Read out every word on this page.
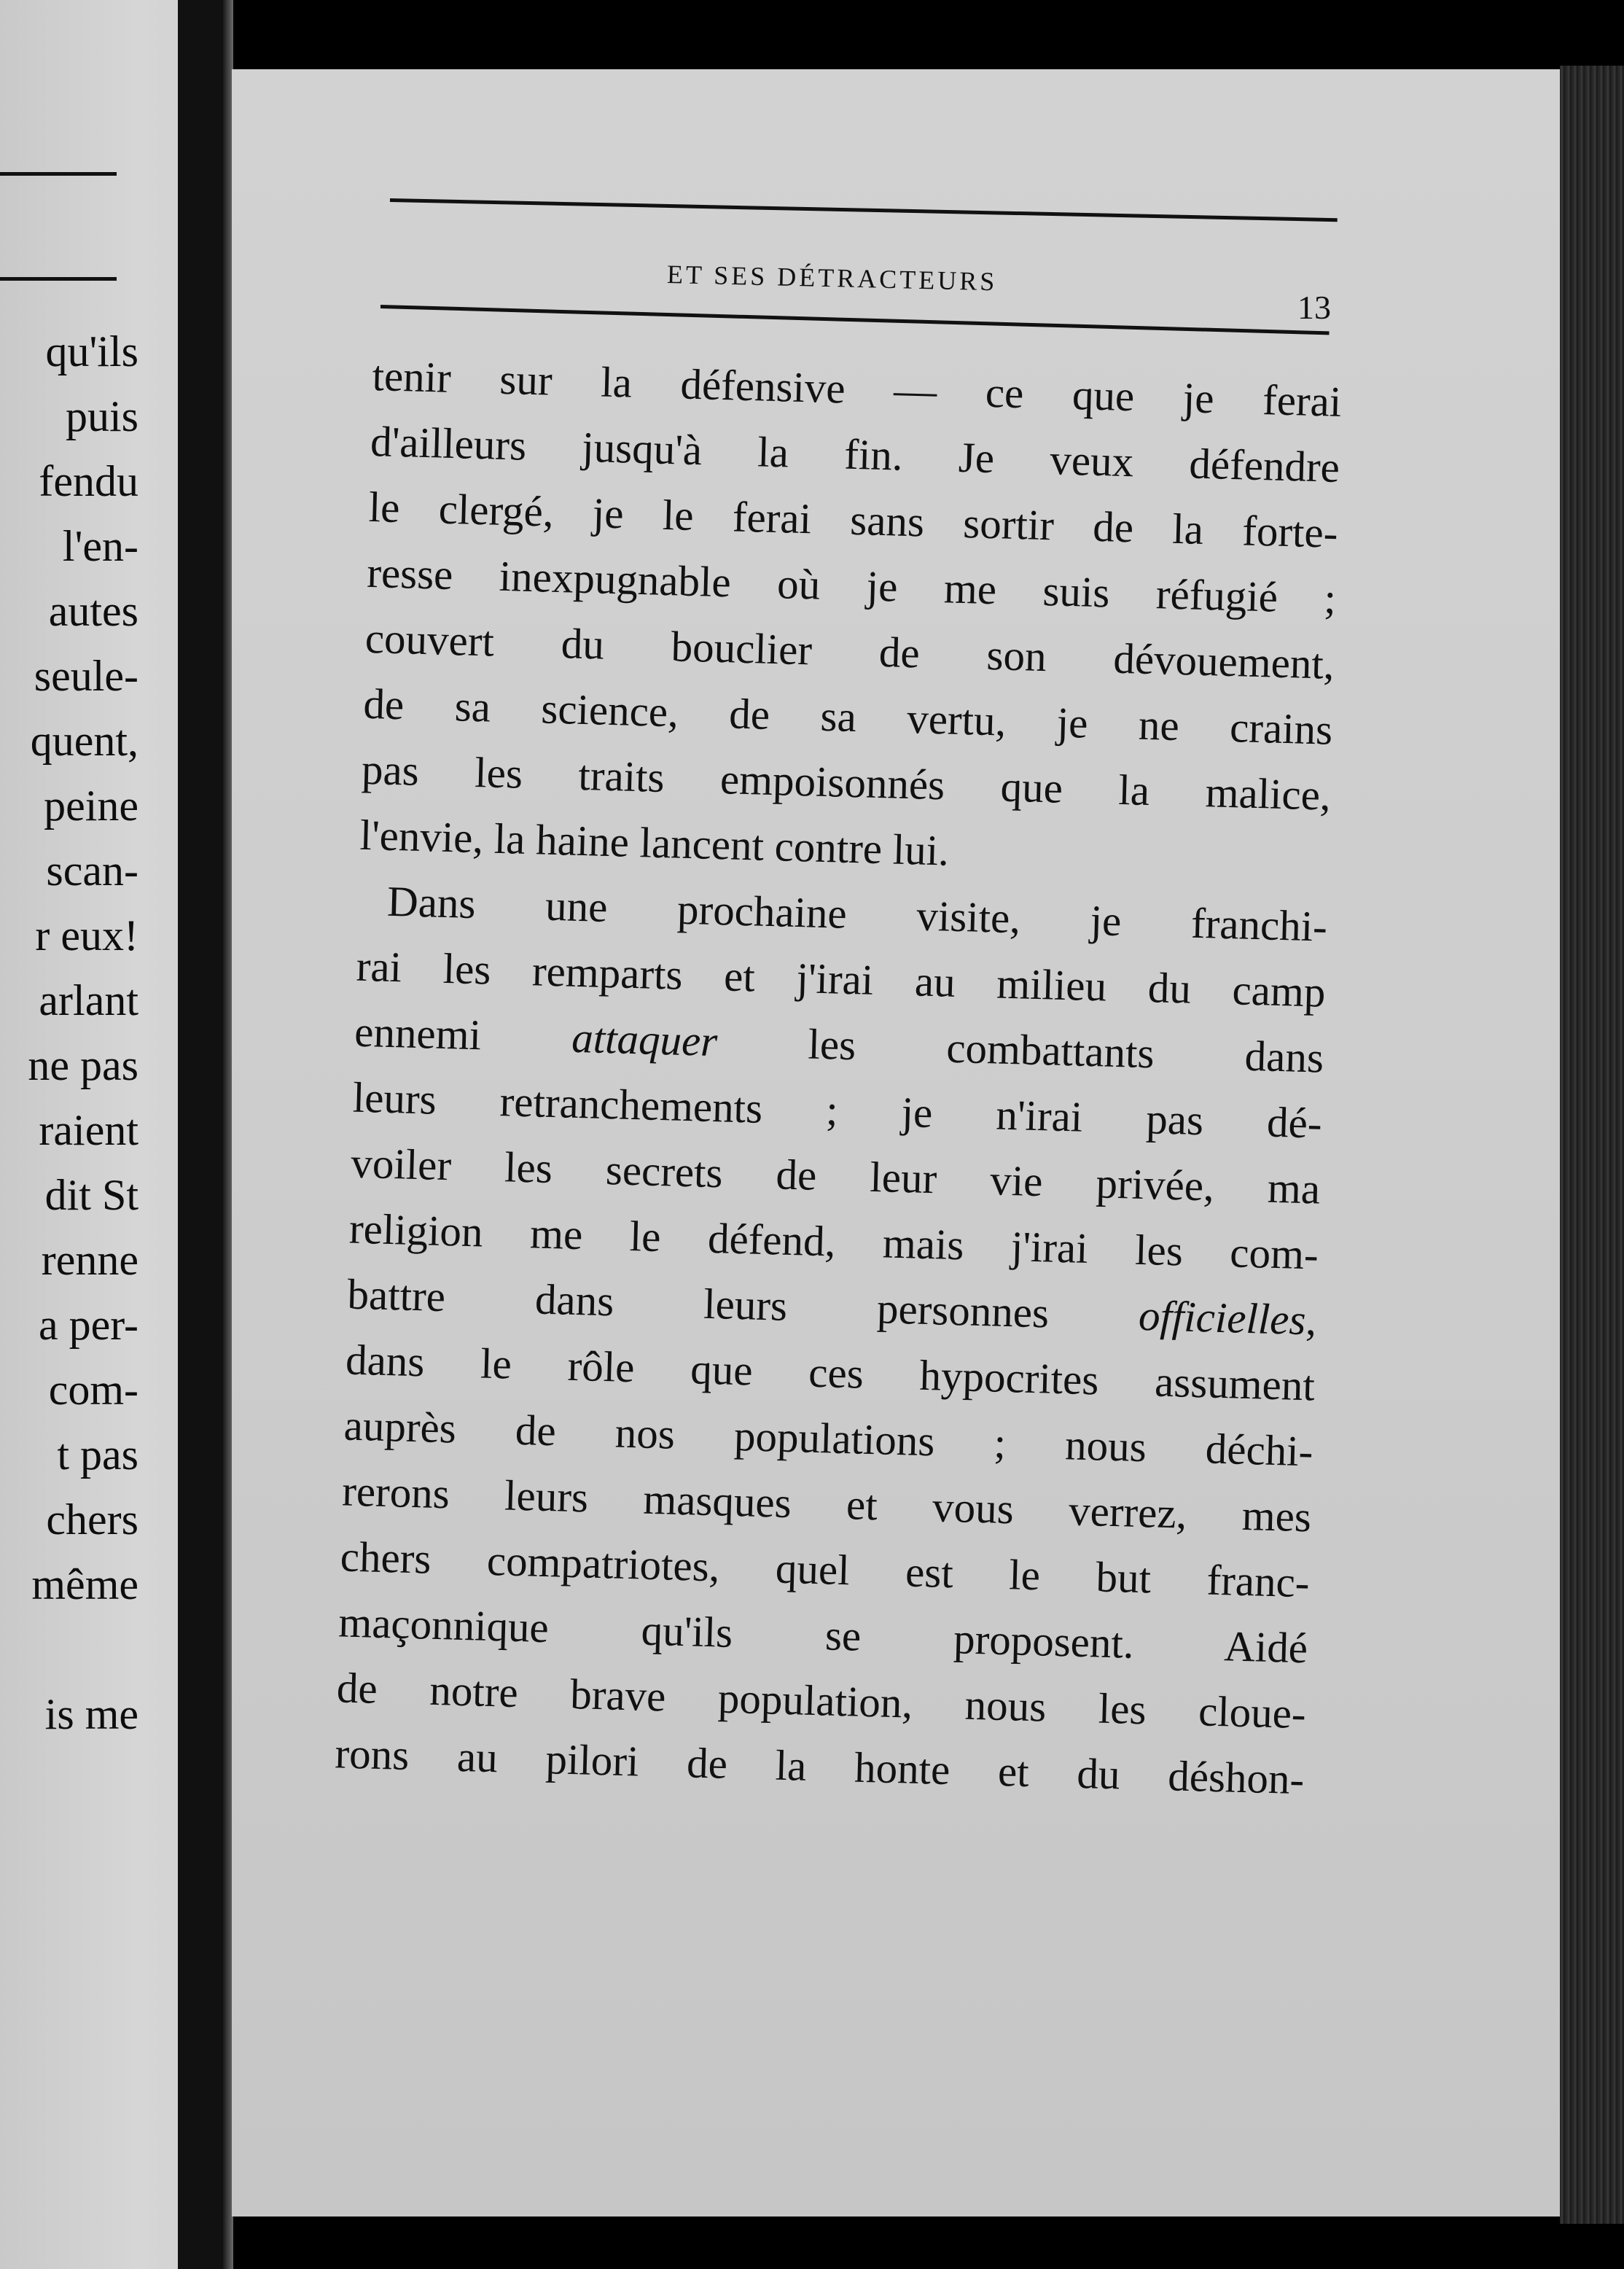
qu'ils
puis
fendu
l'en-
autes
seule-
quent,
peine
scan-
r eux!
arlant
ne pas
raient
dit St
renne
a per-
com-
t pas
chers
même
is me
ET SES DÉTRACTEURS
13
tenir sur la défensive — ce que je ferai
d'ailleurs jusqu'à la fin. Je veux défendre
le clergé, je le ferai sans sortir de la forte-
resse inexpugnable où je me suis réfugié ;
couvert du bouclier de son dévouement,
de sa science, de sa vertu, je ne crains
pas les traits empoisonnés que la malice,
l'envie, la haine lancent contre lui.
Dans une prochaine visite, je franchi-
rai les remparts et j'irai au milieu du camp
ennemi attaquer les combattants dans
leurs retranchements ; je n'irai pas dé-
voiler les secrets de leur vie privée, ma
religion me le défend, mais j'irai les com-
battre dans leurs personnes officielles,
dans le rôle que ces hypocrites assument
auprès de nos populations ; nous déchi-
rerons leurs masques et vous verrez, mes
chers compatriotes, quel est le but franc-
maçonnique qu'ils se proposent. Aidé
de notre brave population, nous les cloue-
rons au pilori de la honte et du déshon-
